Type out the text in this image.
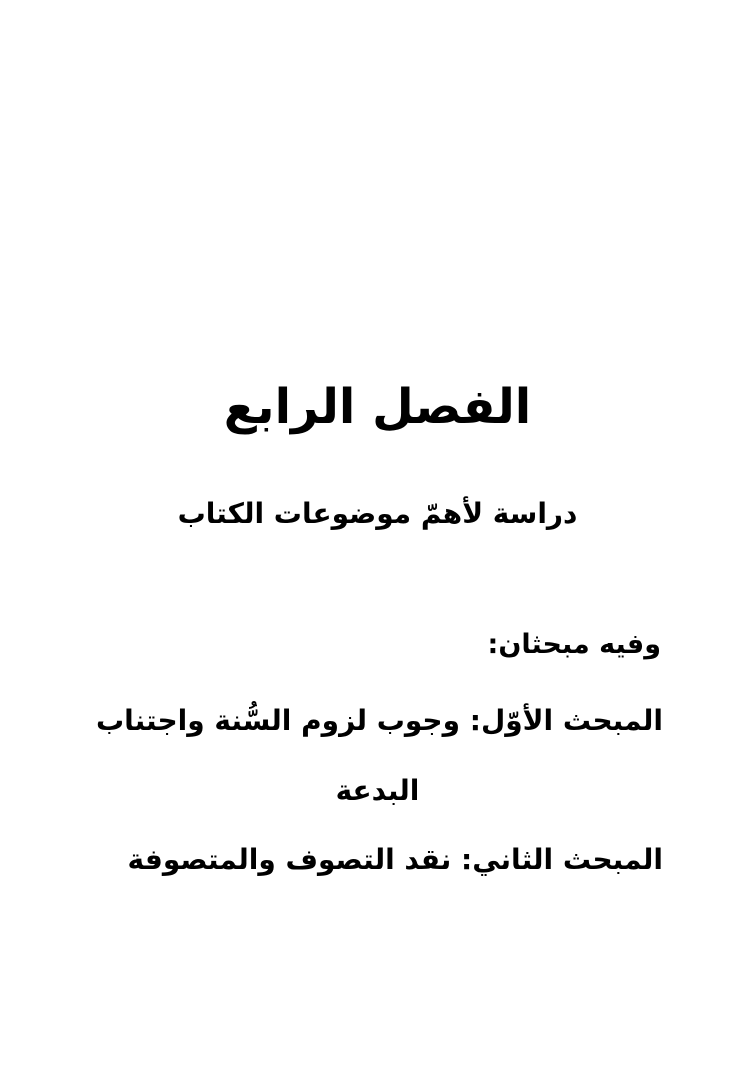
الفصل الرابع
دراسة لأهمّ موضوعات الكتاب
وفيه مبحثان:
المبحث الأوّل: وجوب لزوم السُّنة واجتناب
البدعة
المبحث الثاني: نقد التصوف والمتصوفة
